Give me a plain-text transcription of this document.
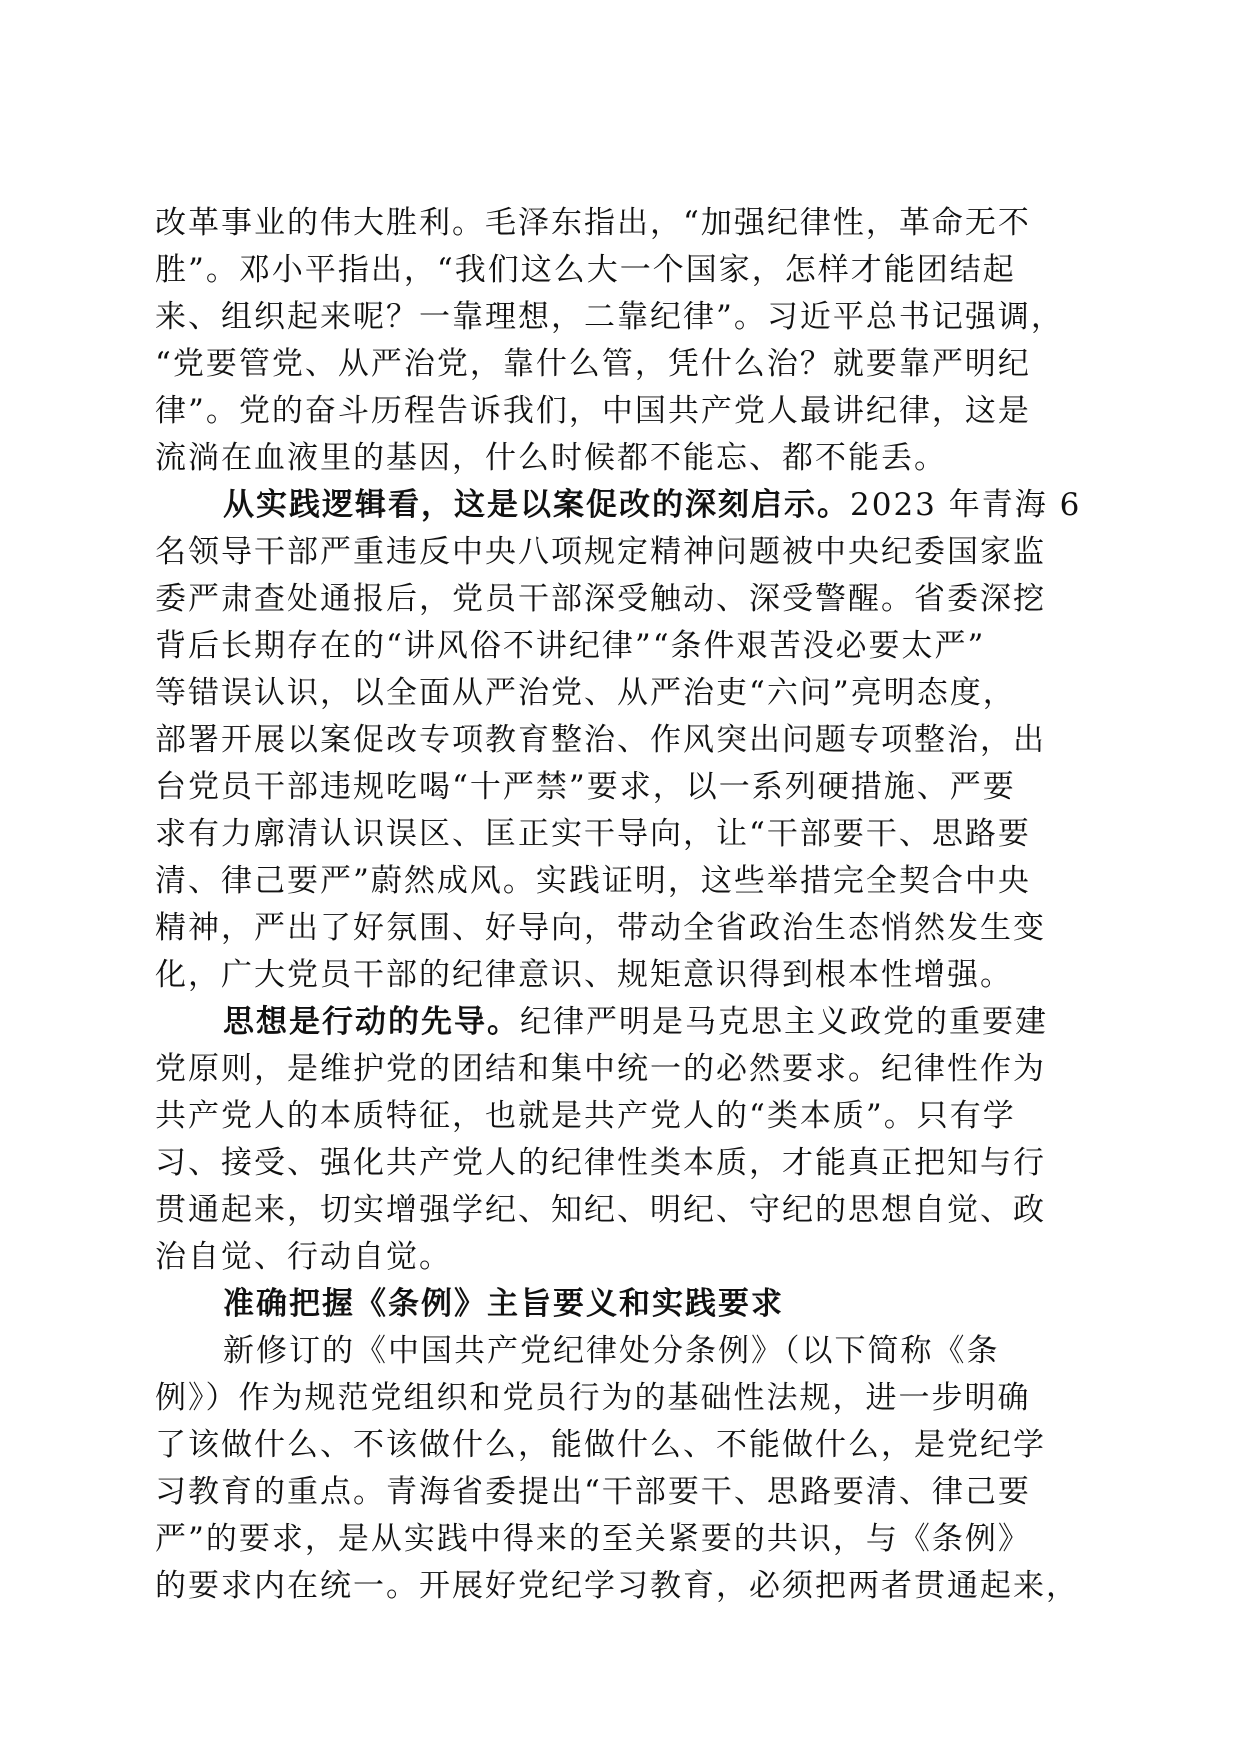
改革事业的伟大胜利。毛泽东指出，“加强纪律性，革命无不
胜”。邓小平指出，“我们这么大一个国家，怎样才能团结起
来、组织起来呢？一靠理想，二靠纪律”。习近平总书记强调，
“党要管党、从严治党，靠什么管，凭什么治？就要靠严明纪
律”。党的奋斗历程告诉我们，中国共产党人最讲纪律，这是
流淌在血液里的基因，什么时候都不能忘、都不能丢。
从实践逻辑看，这是以案促改的深刻启示。2023 年青海 6
名领导干部严重违反中央八项规定精神问题被中央纪委国家监
委严肃查处通报后，党员干部深受触动、深受警醒。省委深挖
背后长期存在的“讲风俗不讲纪律”“条件艰苦没必要太严”
等错误认识，以全面从严治党、从严治吏“六问”亮明态度，
部署开展以案促改专项教育整治、作风突出问题专项整治，出
台党员干部违规吃喝“十严禁”要求，以一系列硬措施、严要
求有力廓清认识误区、匡正实干导向，让“干部要干、思路要
清、律己要严”蔚然成风。实践证明，这些举措完全契合中央
精神，严出了好氛围、好导向，带动全省政治生态悄然发生变
化，广大党员干部的纪律意识、规矩意识得到根本性增强。
思想是行动的先导。纪律严明是马克思主义政党的重要建
党原则，是维护党的团结和集中统一的必然要求。纪律性作为
共产党人的本质特征，也就是共产党人的“类本质”。只有学
习、接受、强化共产党人的纪律性类本质，才能真正把知与行
贯通起来，切实增强学纪、知纪、明纪、守纪的思想自觉、政
治自觉、行动自觉。
准确把握《条例》主旨要义和实践要求
新修订的《中国共产党纪律处分条例》（以下简称《条
例》）作为规范党组织和党员行为的基础性法规，进一步明确
了该做什么、不该做什么，能做什么、不能做什么，是党纪学
习教育的重点。青海省委提出“干部要干、思路要清、律己要
严”的要求，是从实践中得来的至关紧要的共识，与《条例》
的要求内在统一。开展好党纪学习教育，必须把两者贯通起来，
